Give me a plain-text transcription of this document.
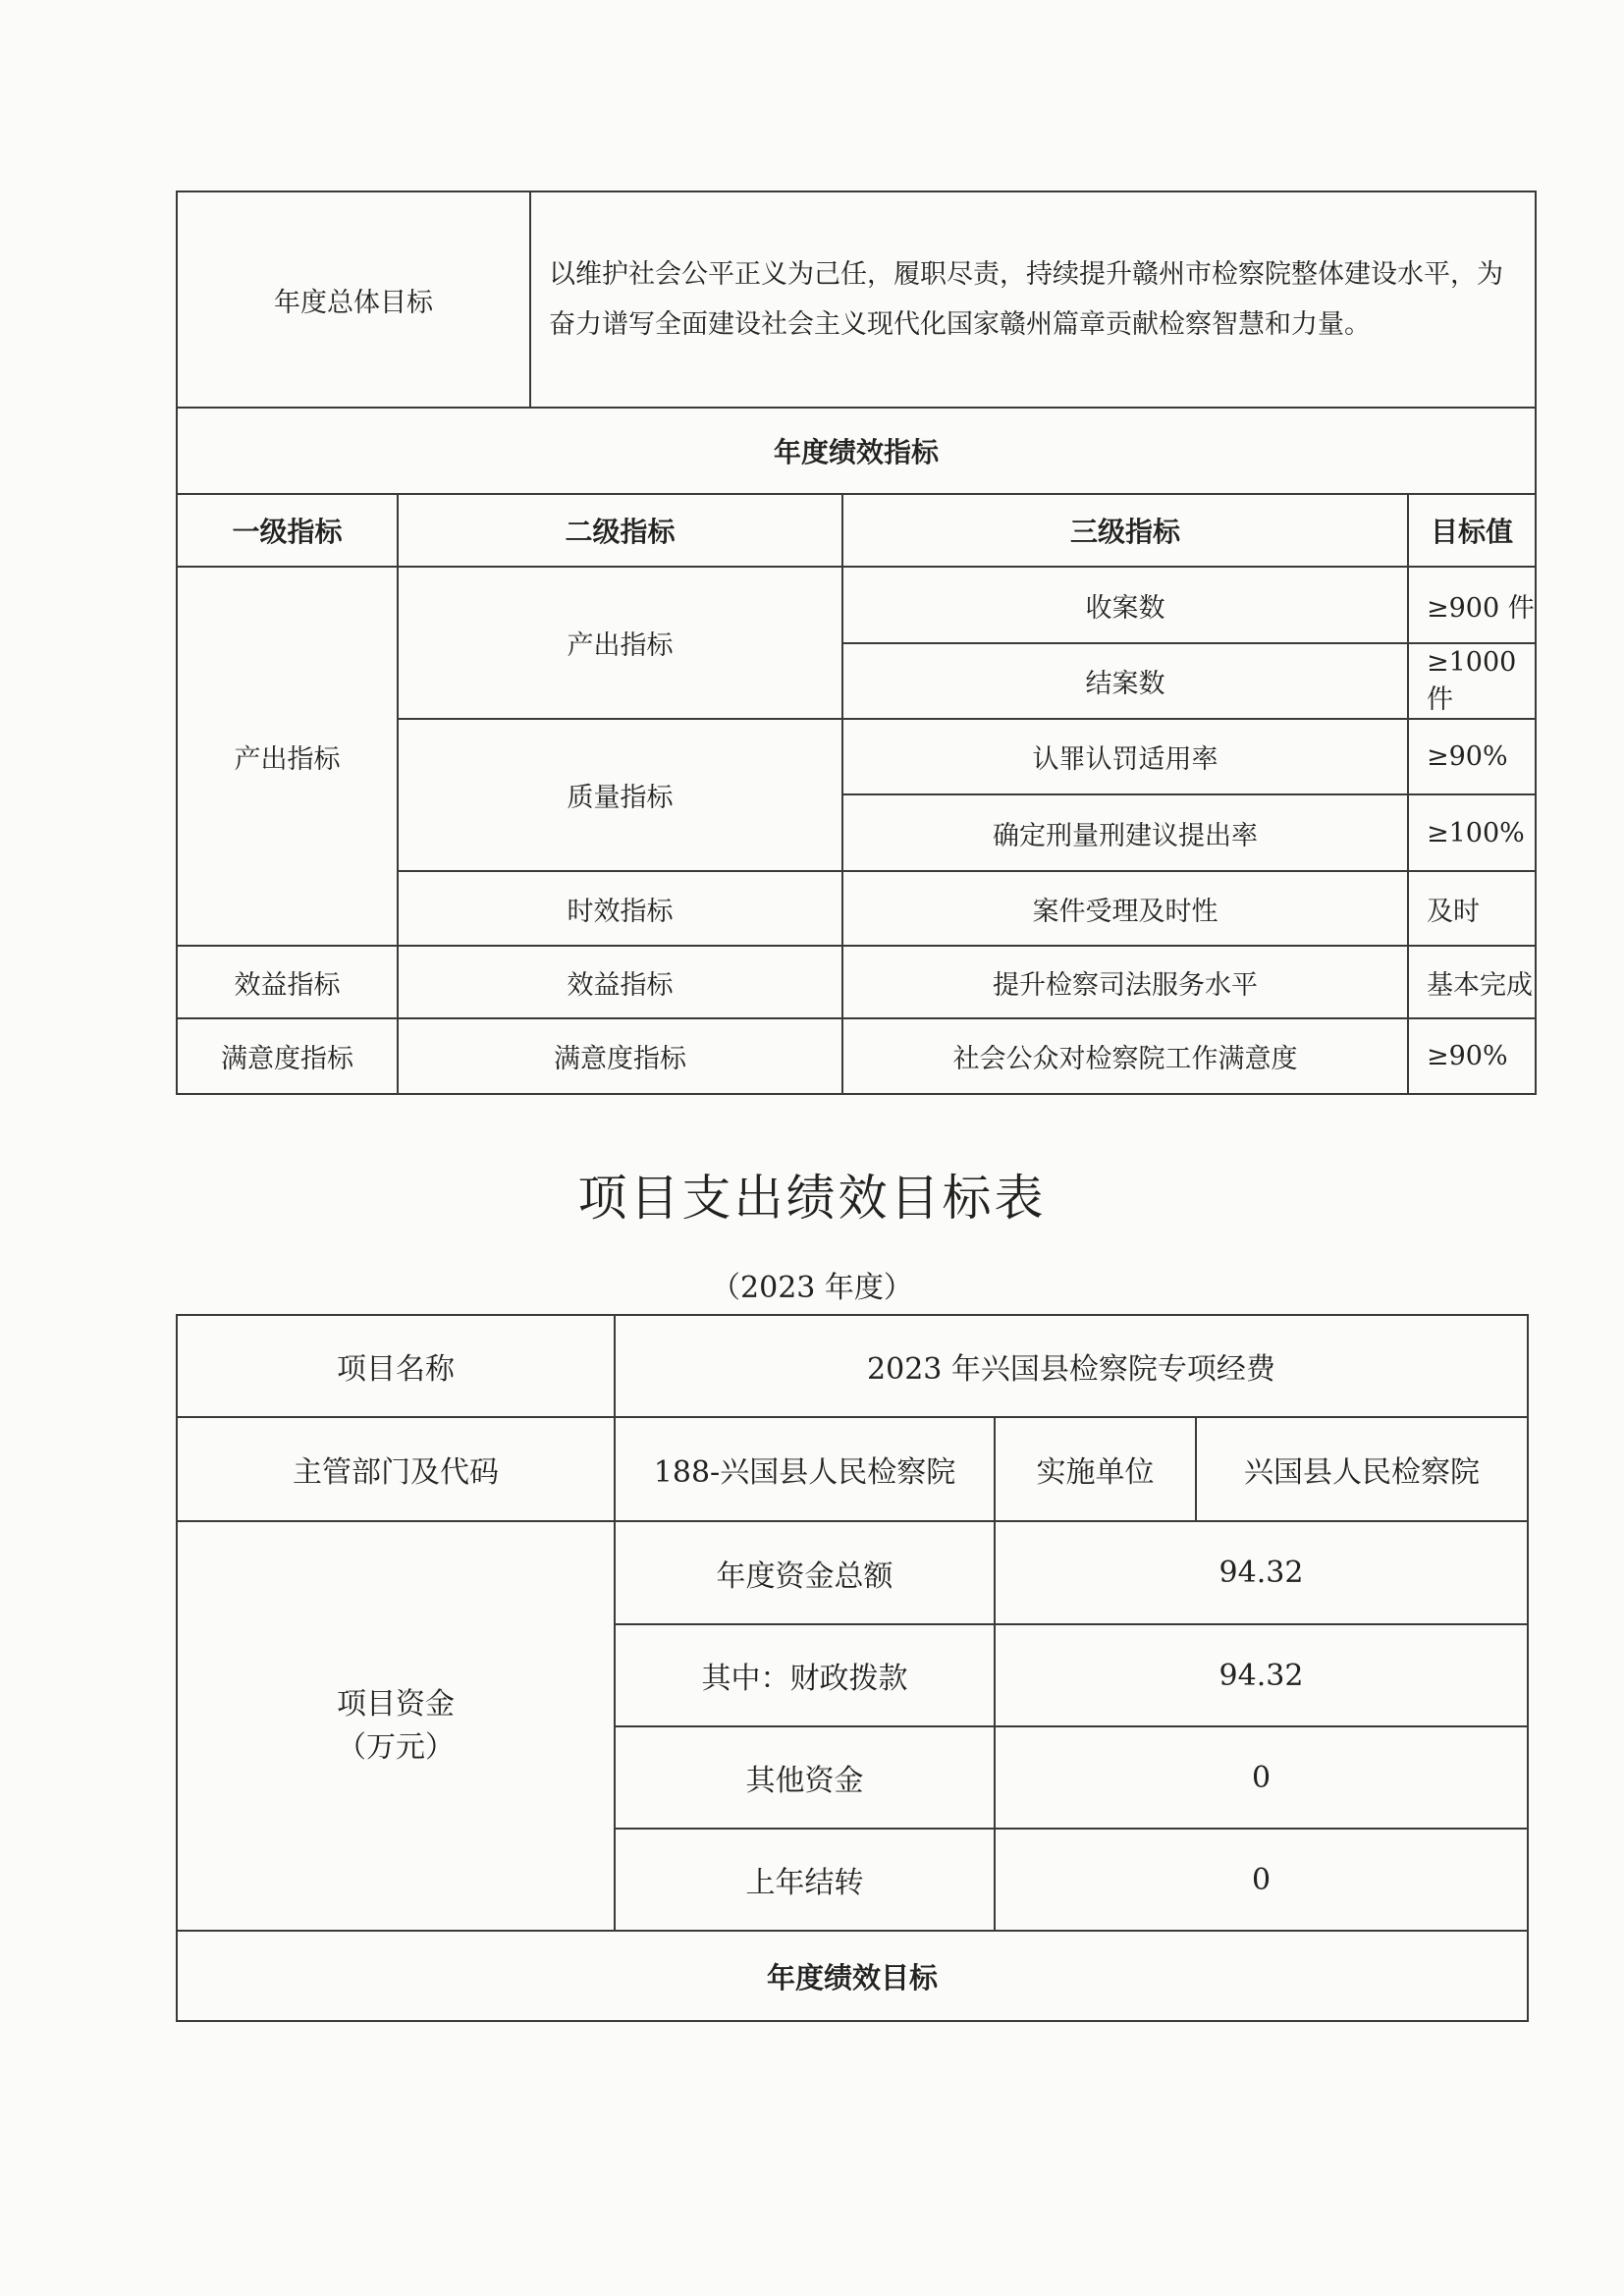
年度总体目标		以维护社会公平正义为己任，履职尽责，持续提升赣州市检察院整体建设水平，为奋力谱写全面建设社会主义现代化国家赣州篇章贡献检察智慧和力量。		
年度绩效指标				
一级指标	二级指标		三级指标	目标值
产出指标	产出指标		收案数	≥900 件
			结案数	≥1000 件
	质量指标		认罪认罚适用率	≥90%
			确定刑量刑建议提出率	≥100%
	时效指标		案件受理及时性	及时
效益指标	效益指标		提升检察司法服务水平	基本完成
满意度指标	满意度指标		社会公众对检察院工作满意度	≥90%
项目支出绩效目标表
（2023 年度）
项目名称	2023 年兴国县检察院专项经费		
主管部门及代码	188-兴国县人民检察院	实施单位	兴国县人民检察院

项目资金
（万元）	年度资金总额	94.32	
	其中：财政拨款	94.32	
	其他资金	0	
	上年结转	0	
年度绩效目标			
